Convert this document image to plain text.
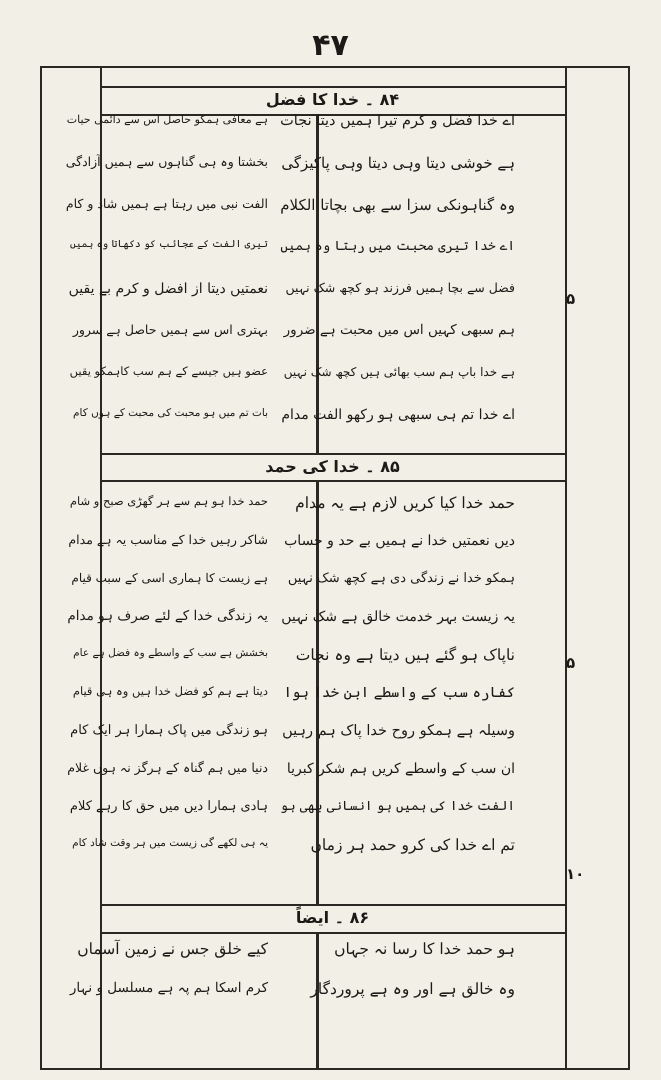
۴۷
۸۴ ۔ خدا کا فضل
۸۵ ۔ خدا کی حمد
۸۶ ۔ ایضاً
اے خدا فضل و کرم تیرا ہمیں دیتا نجات
ہے خوشی دیتا وہی دیتا وہی پاکیزگی
وہ گناہونکی سزا سے بھی بچاتا الکلام
اے خدا تیری محبت میں رہتا وہ ہمیں
فضل سے بچا ہمیں فرزند ہو کچھ شک نہیں
ہم سبھی کہیں اس میں محبت ہے ضرور
ہے خدا باپ ہم سب بھائی ہیں کچھ شک نہیں
اے خدا تم ہی سبھی ہو رکھو الفت مدام
ہے معافی ہمکو حاصل اس سے دائمی حیات
بخشتا وہ ہی گناہوں سے ہمیں آزادگی
الفت نبی میں رہتا ہے ہمیں شاد و کام
تیری الفت کے عجائب کو دکھاتا وہ ہمیں
نعمتیں دیتا از افضل و کرم بے یقیں
بہتری اس سے ہمیں حاصل ہے سرور
عضو ہیں جیسے کے ہم سب کاہمکو یقیں
بات تم میں ہو محبت کی محبت کے ہوں کام
۵
حمد خدا کیا کریں لازم ہے یہ مدام
دیں نعمتیں خدا نے ہمیں بے حد و حساب
ہمکو خدا نے زندگی دی ہے کچھ شک نہیں
یہ زیست بہر خدمت خالق ہے شک نہیں
ناپاک ہو گئے ہیں دیتا ہے وہ نجات
کفارہ سب کے واسطے ابن خدا ہوا
وسیلہ ہے ہمکو روح خدا پاک ہم رہیں
ان سب کے واسطے کریں ہم شکر کبریا
الفت خدا کی ہمیں ہو انسانی بھی ہو
تم اے خدا کی کرو حمد ہر زماں
حمد خدا ہو ہم سے ہر گھڑی صبح و شام
شاکر رہیں خدا کے مناسب یہ ہے مدام
ہے زیست کا ہماری اسی کے سبب قیام
یہ زندگی خدا کے لئے صرف ہو مدام
بخشش ہے سب کے واسطے وہ فضل ہے عام
دیتا ہے ہم کو فضل خدا ہیں وہ ہی قیام
ہو زندگی میں پاک ہمارا ہر ایک کام
دنیا میں ہم گناہ کے ہرگز نہ ہوں غلام
ہادی ہمارا دیں میں حق کا رہے کلام
یہ ہی لکھے گی زیست میں ہر وقت شاد کام
۵
۱۰
ہو حمد خدا کا رسا نہ جہاں
وہ خالق ہے اور وہ ہے پروردگار
کیے خلق جس نے زمین آسماں
کرم اسکا ہم پہ ہے مسلسل و نہار
